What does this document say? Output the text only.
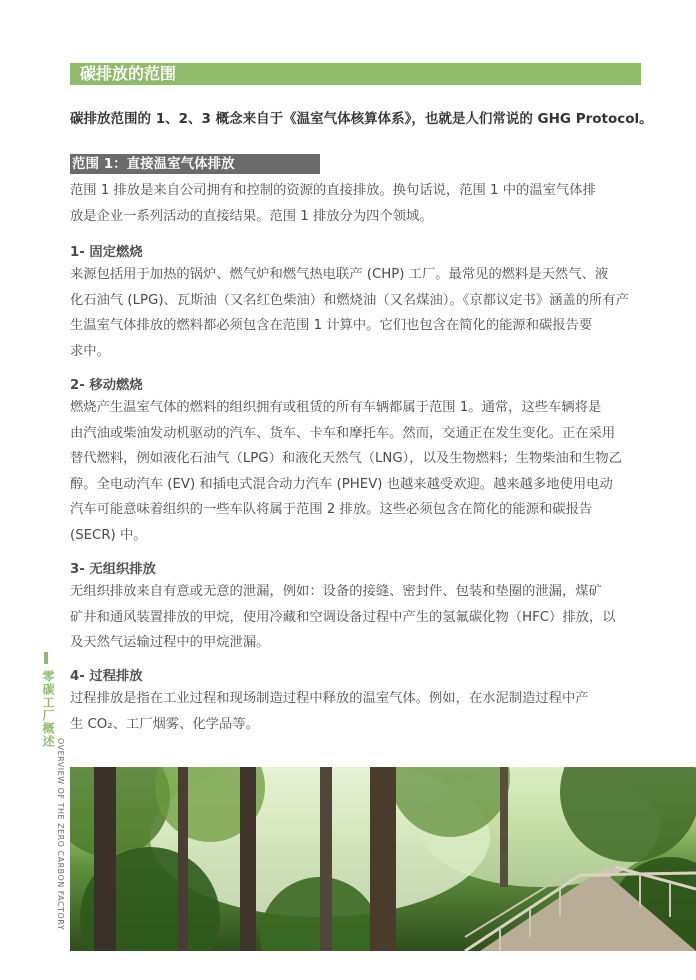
碳排放的范围
碳排放范围的 1、2、3 概念来自于《温室气体核算体系》，也就是人们常说的 GHG Protocol。
范围 1：直接温室气体排放
范围 1 排放是来自公司拥有和控制的资源的直接排放。换句话说，范围 1 中的温室气体排
放是企业一系列活动的直接结果。范围 1 排放分为四个领域。
1- 固定燃烧
来源包括用于加热的锅炉、燃气炉和燃气热电联产 (CHP) 工厂。最常见的燃料是天然气、液
化石油气 (LPG)、瓦斯油（又名红色柴油）和燃烧油（又名煤油）。《京都议定书》涵盖的所有产
生温室气体排放的燃料都必须包含在范围 1 计算中。它们也包含在简化的能源和碳报告要
求中。
2- 移动燃烧
燃烧产生温室气体的燃料的组织拥有或租赁的所有车辆都属于范围 1。通常，这些车辆将是
由汽油或柴油发动机驱动的汽车、货车、卡车和摩托车。然而，交通正在发生变化。正在采用
替代燃料，例如液化石油气（LPG）和液化天然气（LNG），以及生物燃料；生物柴油和生物乙
醇。全电动汽车 (EV) 和插电式混合动力汽车 (PHEV) 也越来越受欢迎。越来越多地使用电动
汽车可能意味着组织的一些车队将属于范围 2 排放。这些必须包含在简化的能源和碳报告
(SECR) 中。
3- 无组织排放
无组织排放来自有意或无意的泄漏，例如：设备的接缝、密封件、包装和垫圈的泄漏，煤矿
矿井和通风装置排放的甲烷，使用冷藏和空调设备过程中产生的氢氟碳化物（HFC）排放，以
及天然气运输过程中的甲烷泄漏。
4- 过程排放
过程排放是指在工业过程和现场制造过程中释放的温室气体。例如，在水泥制造过程中产
生 CO₂、工厂烟雾、化学品等。
零碳工厂概述
OVERVIEW OF THE ZERO CARBON FACTORY
